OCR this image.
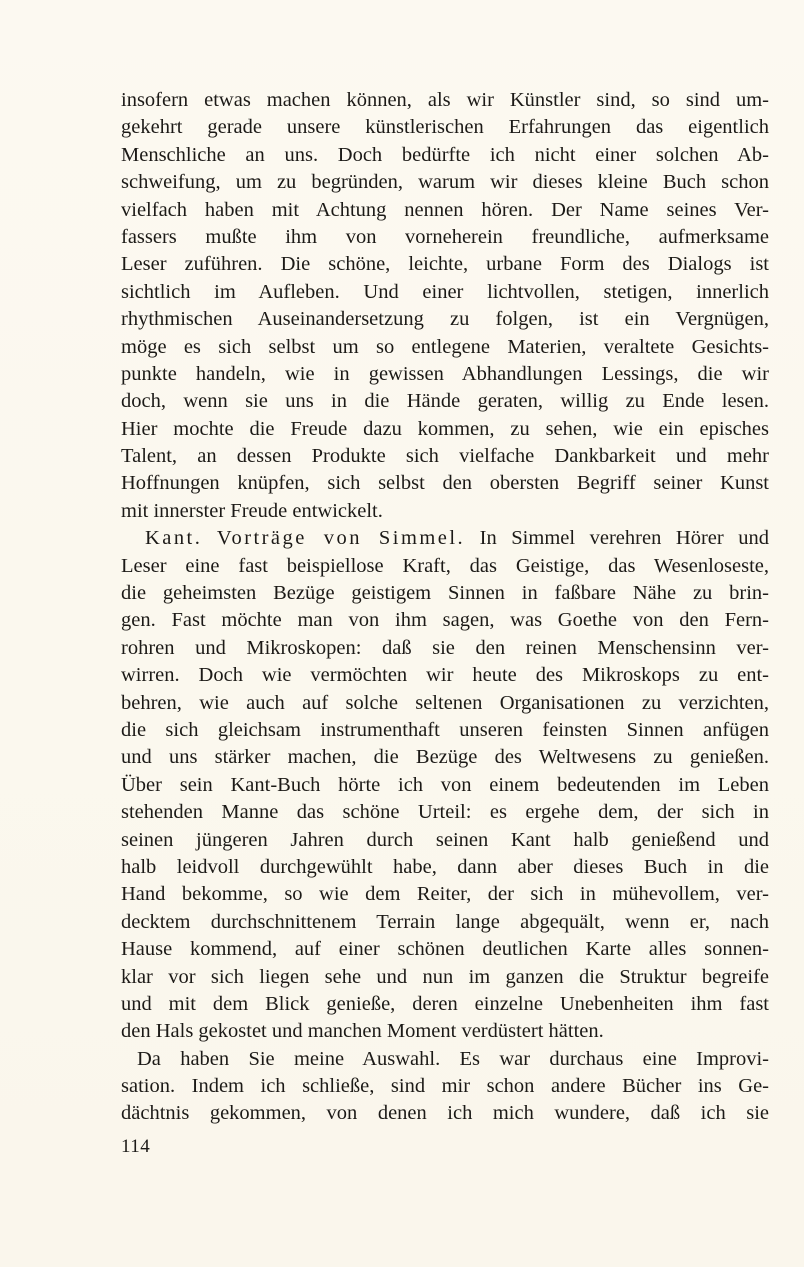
insofern etwas machen können, als wir Künstler sind, so sind um-
gekehrt gerade unsere künstlerischen Erfahrungen das eigentlich
Menschliche an uns. Doch bedürfte ich nicht einer solchen Ab-
schweifung, um zu begründen, warum wir dieses kleine Buch schon
vielfach haben mit Achtung nennen hören. Der Name seines Ver-
fassers mußte ihm von vorneherein freundliche, aufmerksame
Leser zuführen. Die schöne, leichte, urbane Form des Dialogs ist
sichtlich im Aufleben. Und einer lichtvollen, stetigen, innerlich
rhythmischen Auseinandersetzung zu folgen, ist ein Vergnügen,
möge es sich selbst um so entlegene Materien, veraltete Gesichts-
punkte handeln, wie in gewissen Abhandlungen Lessings, die wir
doch, wenn sie uns in die Hände geraten, willig zu Ende lesen.
Hier mochte die Freude dazu kommen, zu sehen, wie ein episches
Talent, an dessen Produkte sich vielfache Dankbarkeit und mehr
Hoffnungen knüpfen, sich selbst den obersten Begriff seiner Kunst
mit innerster Freude entwickelt.
Kant. Vorträge von Simmel. In Simmel verehren Hörer und
Leser eine fast beispiellose Kraft, das Geistige, das Wesenloseste,
die geheimsten Bezüge geistigem Sinnen in faßbare Nähe zu brin-
gen. Fast möchte man von ihm sagen, was Goethe von den Fern-
rohren und Mikroskopen: daß sie den reinen Menschensinn ver-
wirren. Doch wie vermöchten wir heute des Mikroskops zu ent-
behren, wie auch auf solche seltenen Organisationen zu verzichten,
die sich gleichsam instrumenthaft unseren feinsten Sinnen anfügen
und uns stärker machen, die Bezüge des Weltwesens zu genießen.
Über sein Kant-Buch hörte ich von einem bedeutenden im Leben
stehenden Manne das schöne Urteil: es ergehe dem, der sich in
seinen jüngeren Jahren durch seinen Kant halb genießend und
halb leidvoll durchgewühlt habe, dann aber dieses Buch in die
Hand bekomme, so wie dem Reiter, der sich in mühevollem, ver-
decktem durchschnittenem Terrain lange abgequält, wenn er, nach
Hause kommend, auf einer schönen deutlichen Karte alles sonnen-
klar vor sich liegen sehe und nun im ganzen die Struktur begreife
und mit dem Blick genieße, deren einzelne Unebenheiten ihm fast
den Hals gekostet und manchen Moment verdüstert hätten.
Da haben Sie meine Auswahl. Es war durchaus eine Improvi-
sation. Indem ich schließe, sind mir schon andere Bücher ins Ge-
dächtnis gekommen, von denen ich mich wundere, daß ich sie
114
